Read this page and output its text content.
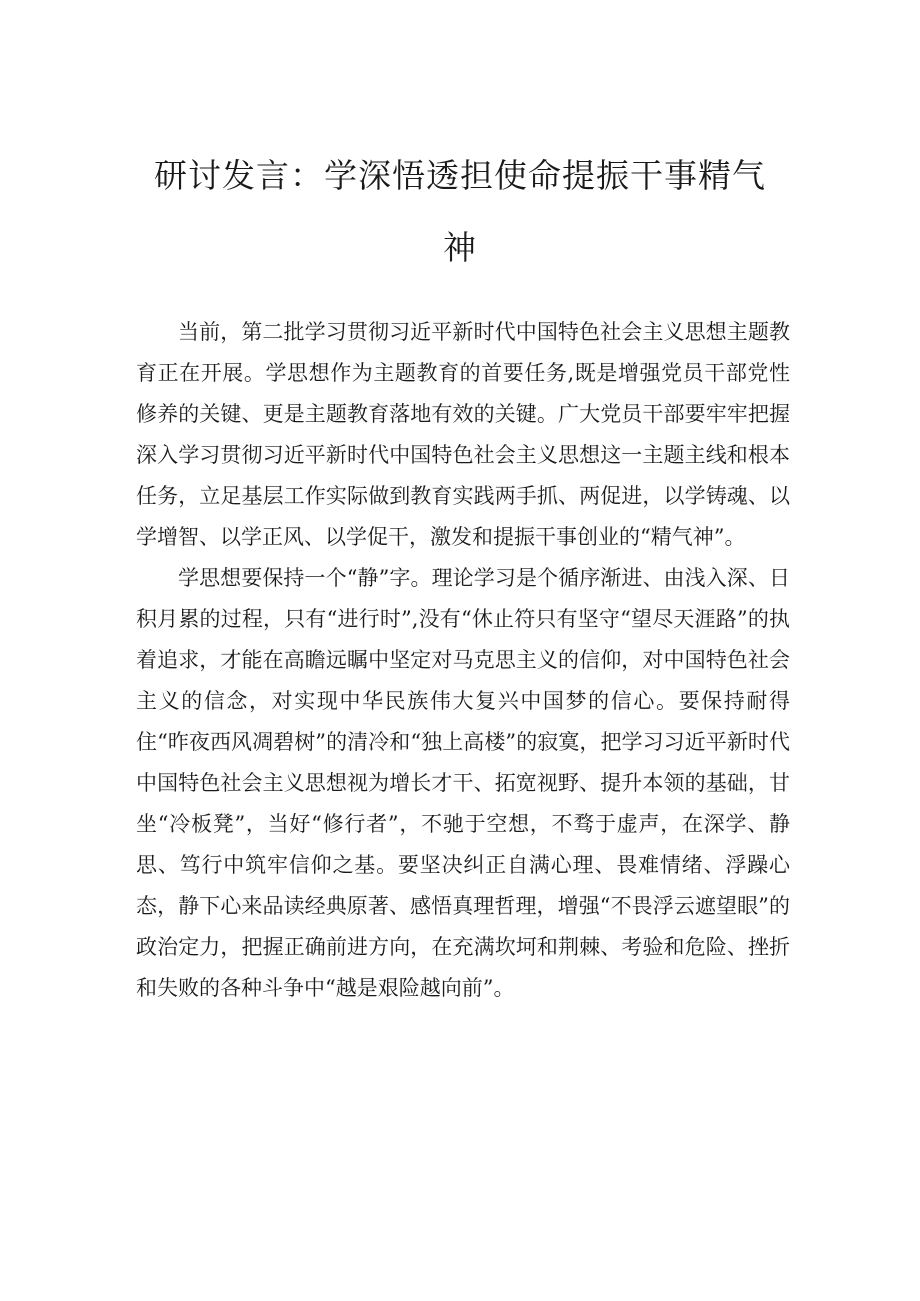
研讨发言：学深悟透担使命提振干事精气
神

当前，第二批学习贯彻习近平新时代中国特色社会主义思想主题教育正在开展。学思想作为主题教育的首要任务,既是增强党员干部党性修养的关键、更是主题教育落地有效的关键。广大党员干部要牢牢把握深入学习贯彻习近平新时代中国特色社会主义思想这一主题主线和根本任务，立足基层工作实际做到教育实践两手抓、两促进，以学铸魂、以学增智、以学正风、以学促干，激发和提振干事创业的“精气神”。

学思想要保持一个“静”字。理论学习是个循序渐进、由浅入深、日积月累的过程，只有“进行时”,没有“休止符只有坚守“望尽天涯路”的执着追求，才能在高瞻远瞩中坚定对马克思主义的信仰，对中国特色社会主义的信念，对实现中华民族伟大复兴中国梦的信心。要保持耐得住“昨夜西风凋碧树”的清冷和“独上高楼”的寂寞，把学习习近平新时代中国特色社会主义思想视为增长才干、拓宽视野、提升本领的基础，甘坐“冷板凳”，当好“修行者”，不驰于空想，不骛于虚声，在深学、静思、笃行中筑牢信仰之基。要坚决纠正自满心理、畏难情绪、浮躁心态，静下心来品读经典原著、感悟真理哲理，增强“不畏浮云遮望眼”的政治定力，把握正确前进方向，在充满坎坷和荆棘、考验和危险、挫折和失败的各种斗争中“越是艰险越向前”。
